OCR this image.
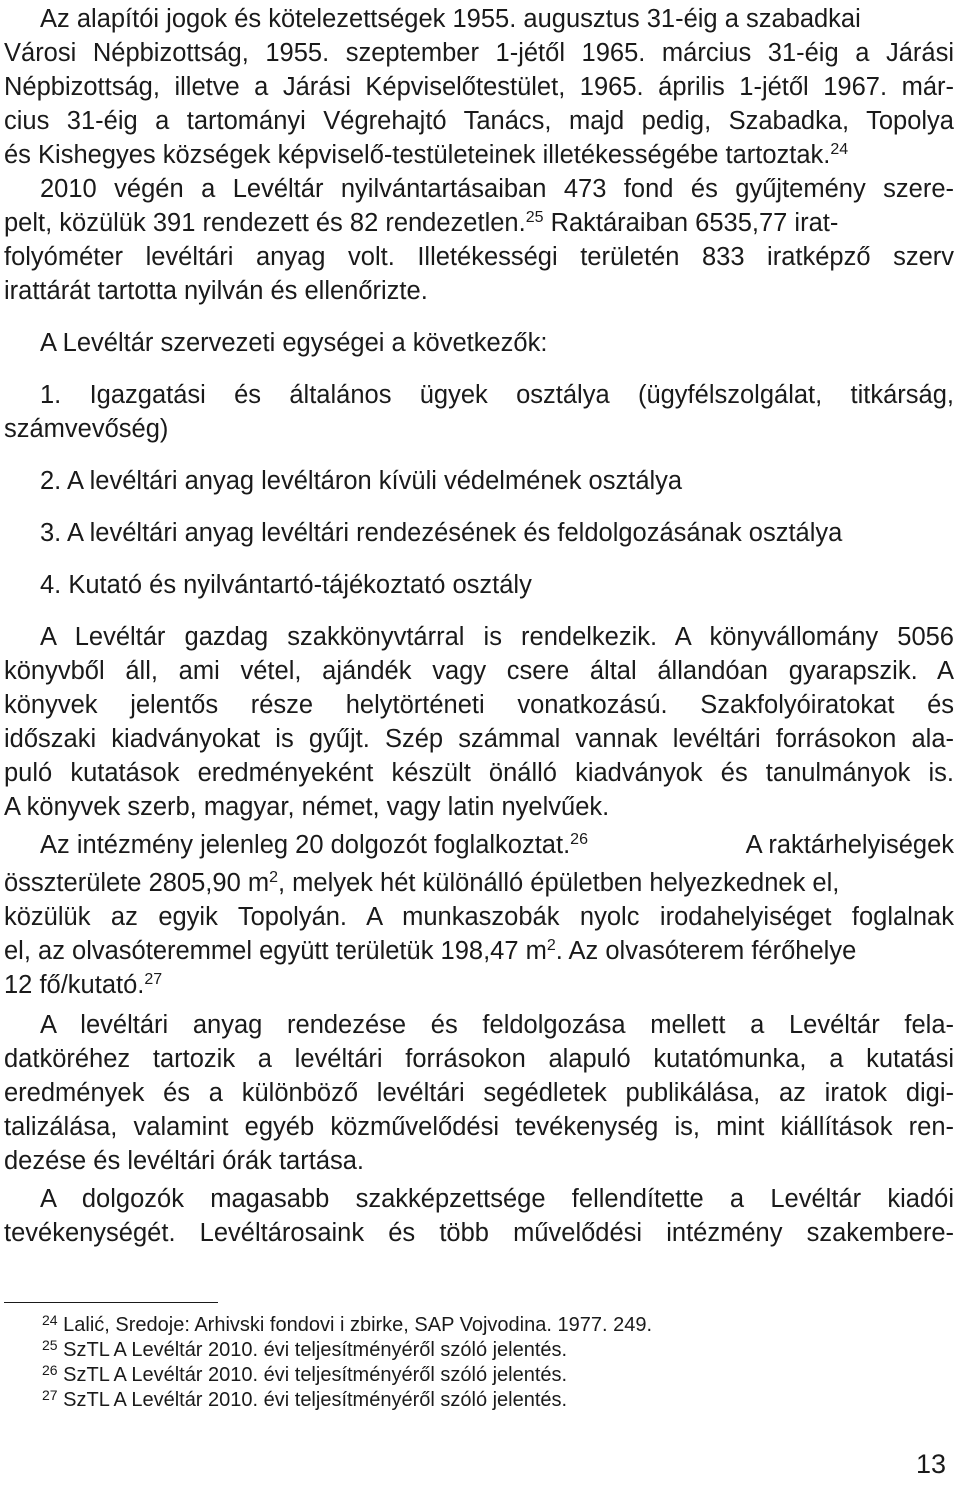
Az alapítói jogok és kötelezettségek 1955. augusztus 31-éig a szabadkai
Városi Népbizottság, 1955. szeptember 1-jétől 1965. március 31-éig a Járási
Népbizottság, illetve a Járási Képviselőtestület, 1965. április 1-jétől 1967. már-
cius 31-éig a tartományi Végrehajtó Tanács, majd pedig, Szabadka, Topolya
és Kishegyes községek képviselő-testületeinek illetékességébe tartoztak.$^{24}$
2010 végén a Levéltár nyilvántartásaiban 473 fond és gyűjtemény szere-
pelt, közülük 391 rendezett és 82 rendezetlen.$^{25}$ Raktáraiban 6535,77 irat-
folyóméter levéltári anyag volt. Illetékességi területén 833 iratképző szerv
irattárát tartotta nyilván és ellenőrizte.
A Levéltár szervezeti egységei a következők:
1. Igazgatási és általános ügyek osztálya (ügyfélszolgálat, titkárság,
számvevőség)
2. A levéltári anyag levéltáron kívüli védelmének osztálya
3. A levéltári anyag levéltári rendezésének és feldolgozásának osztálya
4. Kutató és nyilvántartó-tájékoztató osztály
A Levéltár gazdag szakkönyvtárral is rendelkezik. A könyvállomány 5056
könyvből áll, ami vétel, ajándék vagy csere által állandóan gyarapszik. A
könyvek jelentős része helytörténeti vonatkozású. Szakfolyóiratokat és
időszaki kiadványokat is gyűjt. Szép számmal vannak levéltári forrásokon ala-
puló kutatások eredményeként készült önálló kiadványok és tanulmányok is.
A könyvek szerb, magyar, német, vagy latin nyelvűek.
Az intézmény jelenleg 20 dolgozót foglalkoztat.$^{26}$	A raktárhelyiségek
összterülete 2805,90 $m^2$, melyek hét különálló épületben helyezkednek el,
közülük az egyik Topolyán. A munkaszobák nyolc irodahelyiséget foglalnak
el, az olvasóteremmel együtt területük 198,47 $m^2$. Az olvasóterem férőhelye
12 fő/kutató.$^{27}$
A levéltári anyag rendezése és feldolgozása mellett a Levéltár fela-
datköréhez tartozik a levéltári forrásokon alapuló kutatómunka, a kutatási
eredmények és a különböző levéltári segédletek publikálása, az iratok digi-
talizálása, valamint egyéb közművelődési tevékenység is, mint kiállítások ren-
dezése és levéltári órák tartása.
A dolgozók magasabb szakképzettsége fellendítette a Levéltár kiadói
tevékenységét. Levéltárosaink és több művelődési intézmény szakembere-
$^{24}$ Lalić, Sredoje: Arhivski fondovi i zbirke, SAP Vojvodina. 1977. 249.
$^{25}$ SzTL A Levéltár 2010. évi teljesítményéről szóló jelentés.
$^{26}$ SzTL A Levéltár 2010. évi teljesítményéről szóló jelentés.
$^{27}$ SzTL A Levéltár 2010. évi teljesítményéről szóló jelentés.
13
